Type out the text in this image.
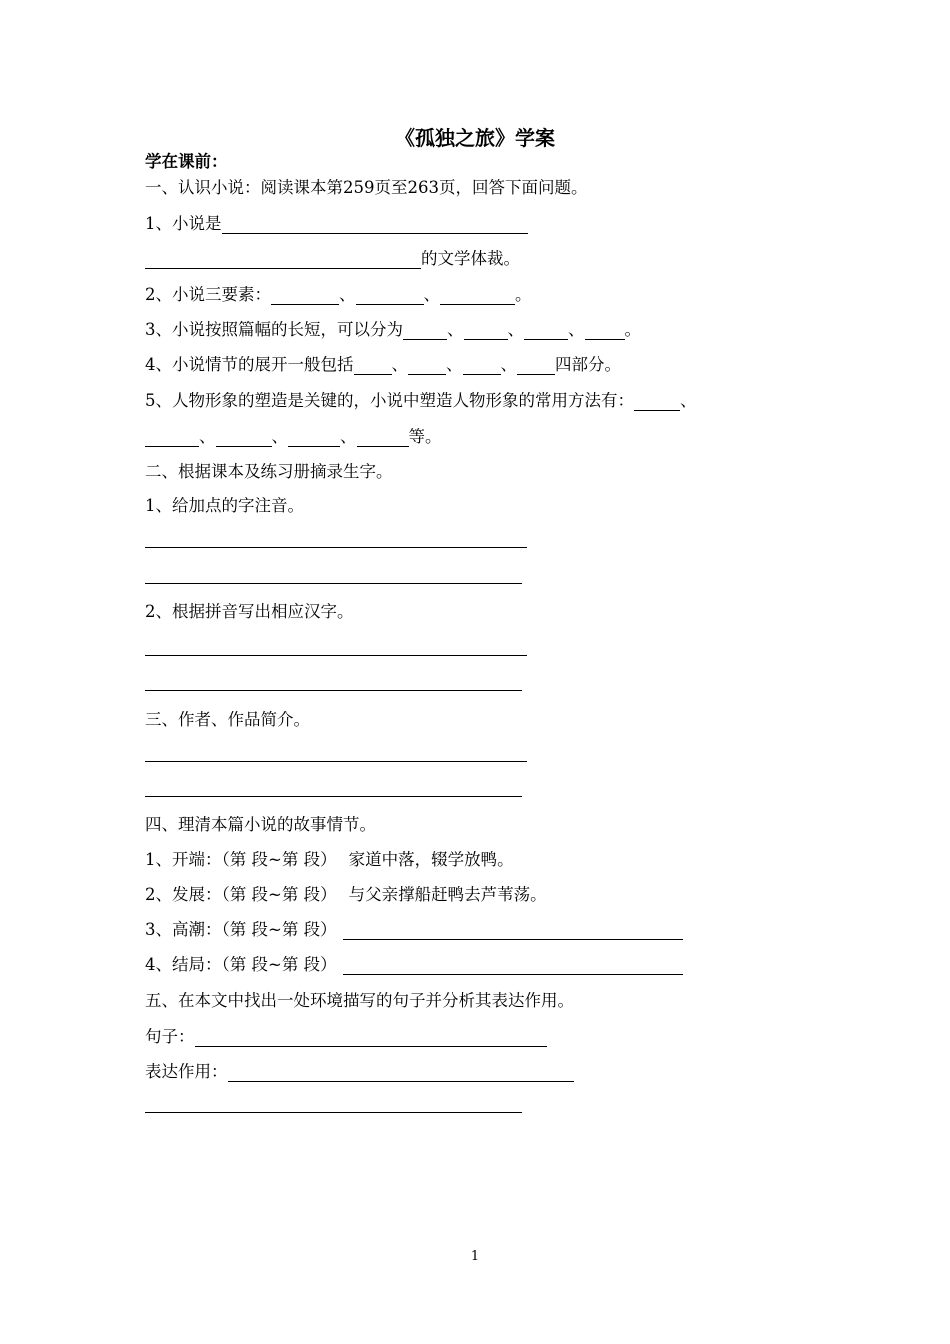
《孤独之旅》学案
学在课前：
一、认识小说：阅读课本第259页至263页，回答下面问题。
1、小说是
的文学体裁。
2、小说三要素：	、	、	。
3、小说按照篇幅的长短，可以分为	、	、	、 。
4、小说情节的展开一般包括 、 、 、 四部分。
5、人物形象的塑造是关键的，小说中塑造人物形象的常用方法有：	、
、	、	、	等。
二、根据课本及练习册摘录生字。
1、给加点的字注音。
2、根据拼音写出相应汉字。
三、作者、作品简介。
四、理清本篇小说的故事情节。
1、开端：（第 段~第 段） 家道中落，辍学放鸭。
2、发展：（第 段~第 段） 与父亲撑船赶鸭去芦苇荡。
3、高潮：（第 段~第 段）
4、结局：（第 段~第 段）
五、在本文中找出一处环境描写的句子并分析其表达作用。
句子：
表达作用：
1
